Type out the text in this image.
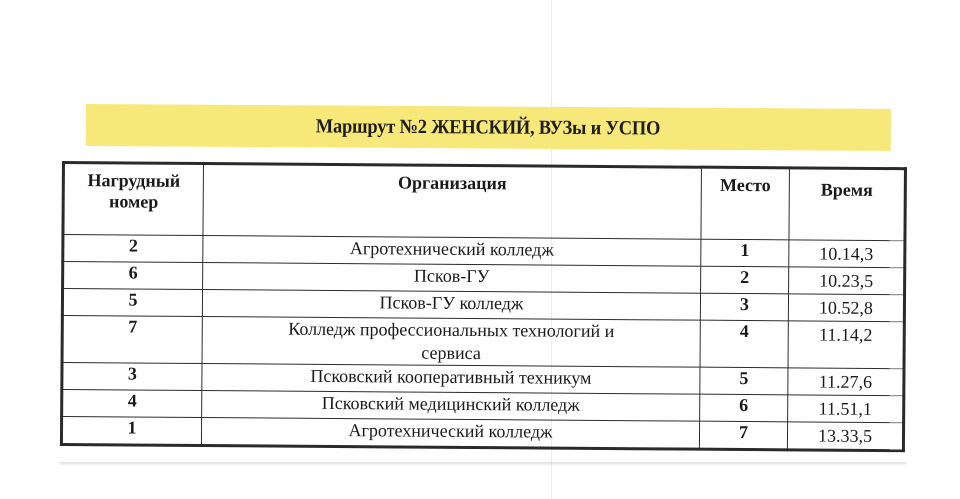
Маршрут №2 ЖЕНСКИЙ, ВУЗы и УСПО
Нагрудный номер	Организация	Место	Время
2	Агротехнический колледж	1	10.14,3
6	Псков-ГУ	2	10.23,5
5	Псков-ГУ колледж	3	10.52,8
7	Колледж профессиональных технологий и сервиса	4	11.14,2
3	Псковский кооперативный техникум	5	11.27,6
4	Псковский медицинский колледж	6	11.51,1
1	Агротехнический колледж	7	13.33,5
